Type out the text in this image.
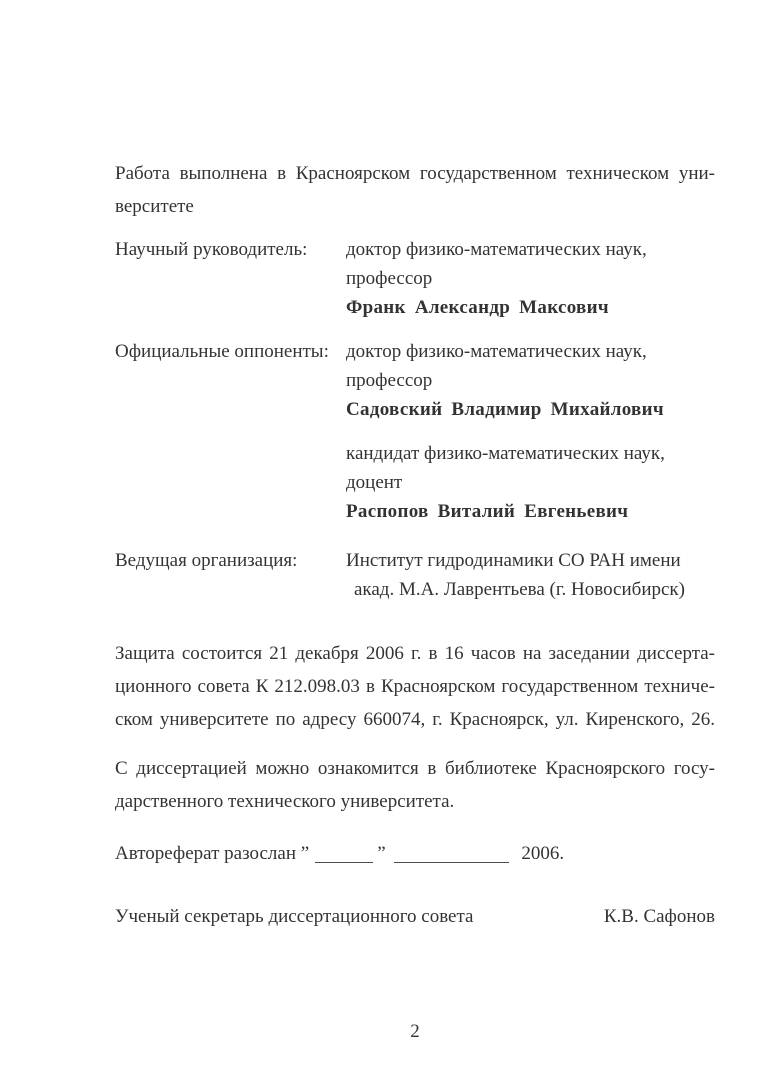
Работа выполнена в Красноярском государственном техническом уни-
верситете
Научный руководитель:	доктор физико-математических наук,
профессор
Франк Александр Максович
Официальные оппоненты: доктор физико-математических наук,
профессор
Садовский Владимир Михайлович
кандидат физико-математических наук,
доцент
Распопов Виталий Евгеньевич
Ведущая организация:	Институт гидродинамики СО РАН имени
акад. М.А. Лаврентьева (г. Новосибирск)
Защита состоится 21 декабря 2006 г. в 16 часов на заседании диссерта-
ционного совета К 212.098.03 в Красноярском государственном техниче-
ском университете по адресу 660074, г. Красноярск, ул. Киренского, 26.
С диссертацией можно ознакомится в библиотеке Красноярского госу-
дарственного технического университета.
Автореферат разослан ”	”	2006.
Ученый секретарь диссертационного совета	К.В. Сафонов
2
